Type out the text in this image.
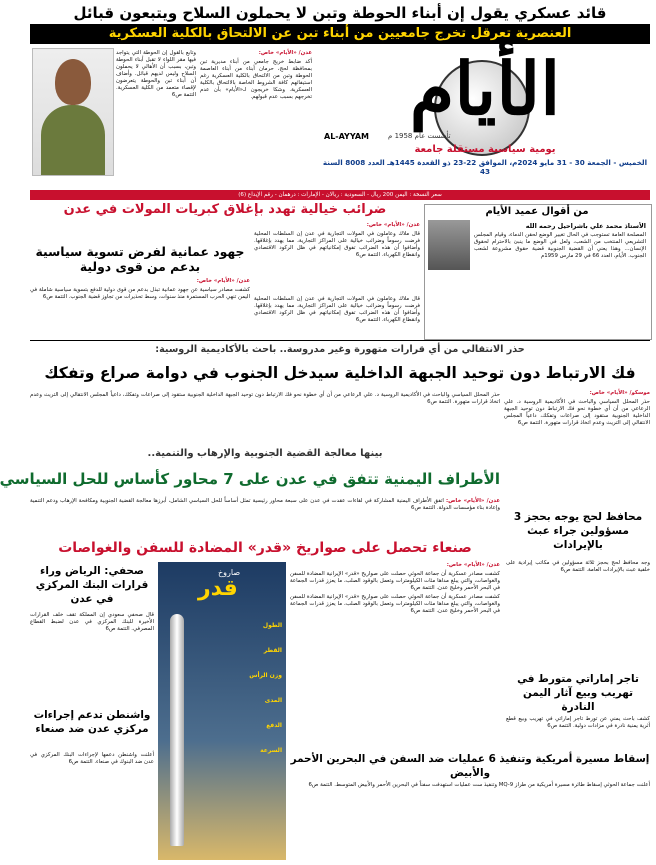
قائد عسكري يقول إن أبناء الحوطة وتبن لا يحملون السلاح ويتبعون قبائل
العنصرية تعرقل تخرج جامعيين من أبناء تبن عن الالتحاق بالكلية العسكرية

وتابع بالقول إن الحوطة التي يتواجد فيها مقر اللواء لا تقبل أبناء الحوطة وتبن، بسبب أن الأهالي لا يحملون السلاح وليس لديهم قبائل. وأضاف أن أبناء تبن والحوطة يتعرضون لإقصاء متعمد من الكلية العسكرية. التتمة ص6

عدن/ «الأيام» خاص:

أكد ضابط خريج جامعي من أبناء مديرية تبن بمحافظة لحج، حرمان أبناء من أبناء العاصمة الحوطة وتبن من الالتحاق بالكلية العسكرية رغم استيفائهم كافة الشروط الخاصة بالالتحاق بالكلية العسكرية. وشكا خريجون لـ«الأيام» بأن عدم تخرجهم بسبب عدم قبولهم.	الأيام
AL-AYYAM	تأسست عام 1958 م
يومية سياسية مستقلة جامعة
الخميس - الجمعة 30 - 31 مايو 2024م، الموافق 22-23 ذو القعدة 1445هـ العدد 8008 السنة 43
سعر النسخة : اليمن 200 ريال - السعودية : ريالان - الإمارات : درهمان - رقم الإيداع (6)
من أقوال عميد الأيام
الأستاذ محمد علي باشراحيل رحمه الله

المصلحة العامة تستوجب في الحال تغيير الوضع لحقن الدماء، وقيام المجلس التشريعي المنتخب من الشعب، ولعل في الوضع ما ينبئ بالاحترام لحقوق الإنسان... وهذا يعني أن القضية الجنوبية قضية حقوق مشروعة لشعب الجنوب. الأيام، العدد 66 في 29 مارس 1959م

ضرائب خيالية تهدد بإغلاق كبريات المولات في عدن

عدن/ «الأيام» خاص:

قال ملاك وعاملون في المولات التجارية في عدن إن السلطات المحلية فرضت رسوماً وضرائب خيالية على المراكز التجارية، مما يهدد بإغلاقها. وأضافوا أن هذه الضرائب تفوق إمكانياتهم في ظل الركود الاقتصادي وانقطاع الكهرباء. التتمة ص6

جهود عمانية لفرض تسوية سياسية بدعم من قوى دولية

عدن/ «الأيام» خاص:

كشفت مصادر سياسية عن جهود عمانية تبذل بدعم من قوى دولية للدفع بتسوية سياسية شاملة في اليمن تنهي الحرب المستمرة منذ سنوات، وسط تحذيرات من تجاوز قضية الجنوب. التتمة ص6 قال ملاك وعاملون في المولات التجارية في عدن إن السلطات المحلية فرضت رسوماً وضرائب خيالية على المراكز التجارية، مما يهدد بإغلاقها. وأضافوا أن هذه الضرائب تفوق إمكانياتهم في ظل الركود الاقتصادي وانقطاع الكهرباء. التتمة ص6

حذر الانتقالي من أي قرارات متهورة وغير مدروسة.. باحث بالأكاديمية الروسية:
فك الارتباط دون توحيد الجبهة الداخلية سيدخل الجنوب في دوامة صراع وتفكك

موسكو/ «الأيام» خاص:

حذر المحلل السياسي والباحث في الأكاديمية الروسية د. علي الرعاعي من أن أي خطوة نحو فك الارتباط دون توحيد الجبهة الداخلية الجنوبية ستقود إلى صراعات وتفكك، داعياً المجلس الانتقالي إلى التريث وعدم اتخاذ قرارات متهورة. التتمة ص6

حذر المحلل السياسي والباحث في الأكاديمية الروسية د. علي الرعاعي من أن أي خطوة نحو فك الارتباط دون توحيد الجبهة الداخلية الجنوبية ستقود إلى صراعات وتفكك، داعياً المجلس الانتقالي إلى التريث وعدم اتخاذ قرارات متهورة. التتمة ص6

بينها معالجة القضية الجنوبية والإرهاب والتنمية..
الأطراف اليمنية تتفق في عدن على 7 محاور كأساس للحل السياسي

عدن/ «الأيام» خاص: اتفق الأطراف اليمنية المشاركة في لقاءات عقدت في عدن على سبعة محاور رئيسية تمثل أساساً للحل السياسي الشامل، أبرزها معالجة القضية الجنوبية ومكافحة الإرهاب ودعم التنمية وإعادة بناء مؤسسات الدولة. التتمة ص6

محافظ لحج يوجه بحجز 3 مسؤولين جراء عبث بالإيرادات

وجه محافظ لحج بحجز ثلاثة مسؤولين في مكاتب إيرادية على خلفية عبث بالإيرادات العامة. التتمة ص6

تاجر إماراتي متورط في تهريب وبيع آثار اليمن النادرة

كشف باحث يمني عن تورط تاجر إماراتي في تهريب وبيع قطع أثرية يمنية نادرة في مزادات دولية. التتمة ص6

صنعاء تحصل على صواريخ «قدر» المضادة للسفن والغواصات

عدن/ «الأيام» خاص:

كشفت مصادر عسكرية أن جماعة الحوثي حصلت على صواريخ «قدر» الإيرانية المضادة للسفن والغواصات، والتي يبلغ مداها مئات الكيلومترات وتعمل بالوقود الصلب، ما يعزز قدرات الجماعة في البحر الأحمر وخليج عدن. التتمة ص6

كشفت مصادر عسكرية أن جماعة الحوثي حصلت على صواريخ «قدر» الإيرانية المضادة للسفن والغواصات، والتي يبلغ مداها مئات الكيلومترات وتعمل بالوقود الصلب، ما يعزز قدرات الجماعة في البحر الأحمر وخليج عدن. التتمة ص6

صاروخ
قدر
الطول
القطر
وزن الرأس
المدى
الدفع
السرعة
صحفي: الرياض وراء قرارات البنك المركزي في عدن

قال صحفي سعودي إن المملكة تقف خلف القرارات الأخيرة للبنك المركزي في عدن لضبط القطاع المصرفي. التتمة ص6

واشنطن تدعم إجراءات مركزي عدن ضد صنعاء

أعلنت واشنطن دعمها لإجراءات البنك المركزي في عدن ضد البنوك في صنعاء. التتمة ص6	إسقاط مسيرة أمريكية وتنفيذ 6 عمليات ضد السفن في البحرين الأحمر والأبيض

أعلنت جماعة الحوثي إسقاط طائرة مسيرة أمريكية من طراز MQ-9 وتنفيذ ست عمليات استهدفت سفناً في البحرين الأحمر والأبيض المتوسط. التتمة ص6
